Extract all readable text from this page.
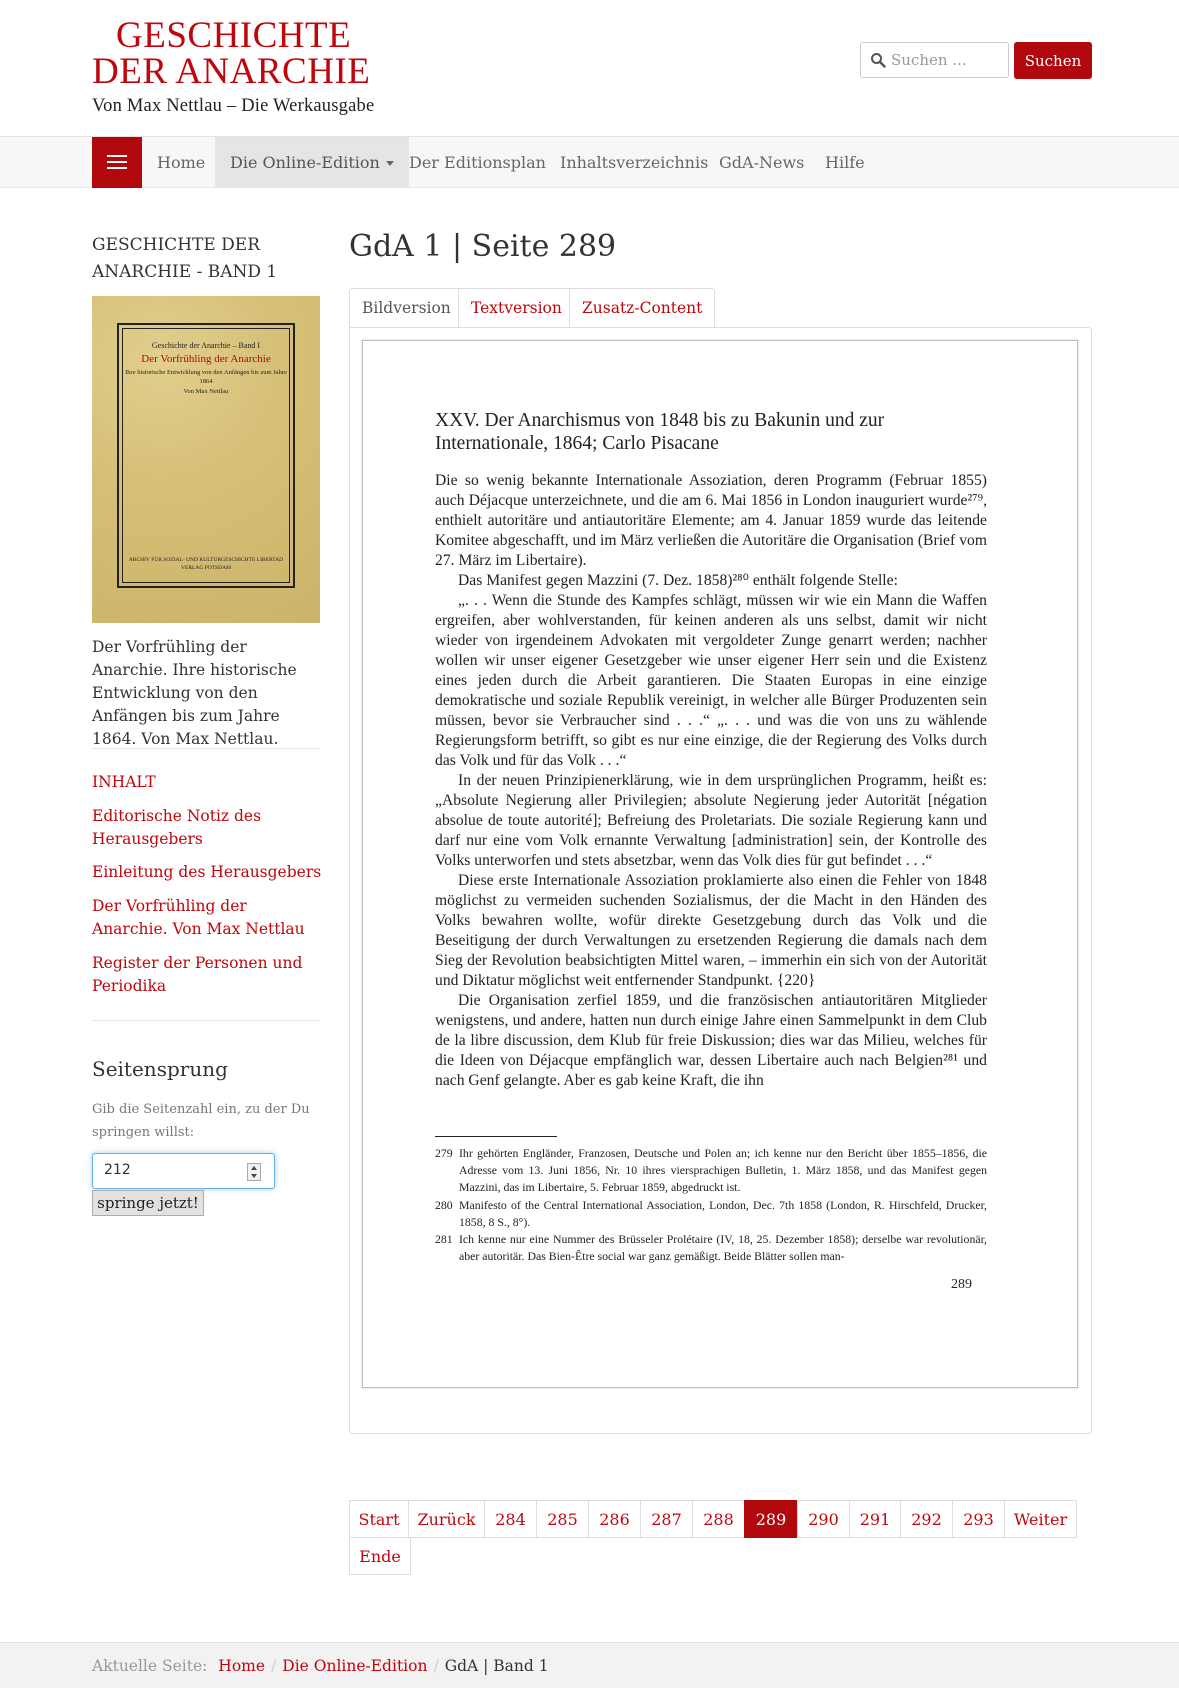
GESCHICHTE
DER ANARCHIE
Von Max Nettlau – Die Werkausgabe
Suchen ...
Suchen
Home	Die Online-Edition	Der Editionsplan Inhaltsverzeichnis GdA-News	Hilfe
GESCHICHTE DER ANARCHIE - BAND 1
Geschichte der Anarchie – Band I
Der Vorfrühling der Anarchie
Ihre historische Entwicklung von den Anfängen bis zum Jahre 1864
Von Max Nettlau
ARCHIV FÜR SOZIAL- UND KULTURGESCHICHTE LIBERTAD VERLAG POTSDAM
Der Vorfrühling der Anarchie. Ihre historische Entwicklung von den Anfängen bis zum Jahre 1864. Von Max Nettlau.
INHALT
Editorische Notiz des Herausgebers
Einleitung des Herausgebers
Der Vorfrühling der Anarchie. Von Max Nettlau
Register der Personen und Periodika
Seitensprung
Gib die Seitenzahl ein, zu der Du springen willst:
212
springe jetzt!
GdA 1 | Seite 289
Bildversion	Textversion	Zusatz-Content
XXV. Der Anarchismus von 1848 bis zu Bakunin und zur Internationale, 1864; Carlo Pisacane

Die so wenig bekannte Internationale Assoziation, deren Programm (Februar 1855) auch Déjacque unterzeichnete, und die am 6. Mai 1856 in London inauguriert wurde²⁷⁹, enthielt autoritäre und antiautoritäre Elemente; am 4. Januar 1859 wurde das leitende Komitee abgeschafft, und im März verließen die Autoritäre die Organisation (Brief vom 27. März im Libertaire).

Das Manifest gegen Mazzini (7. Dez. 1858)²⁸⁰ enthält folgende Stelle:

„. . . Wenn die Stunde des Kampfes schlägt, müssen wir wie ein Mann die Waffen ergreifen, aber wohlverstanden, für keinen anderen als uns selbst, damit wir nicht wieder von irgendeinem Advokaten mit vergoldeter Zunge genarrt werden; nachher wollen wir unser eigener Gesetzgeber wie unser eigener Herr sein und die Existenz eines jeden durch die Arbeit garantieren. Die Staaten Europas in eine einzige demokratische und soziale Republik vereinigt, in welcher alle Bürger Produzenten sein müssen, bevor sie Verbraucher sind . . .“ „. . . und was die von uns zu wählende Regierungsform betrifft, so gibt es nur eine einzige, die der Regierung des Volks durch das Volk und für das Volk . . .“

In der neuen Prinzipienerklärung, wie in dem ursprünglichen Programm, heißt es: „Absolute Negierung aller Privilegien; absolute Negierung jeder Autorität [négation absolue de toute autorité]; Befreiung des Proletariats. Die soziale Regierung kann und darf nur eine vom Volk ernannte Verwaltung [administration] sein, der Kontrolle des Volks unterworfen und stets absetzbar, wenn das Volk dies für gut befindet . . .“

Diese erste Internationale Assoziation proklamierte also einen die Fehler von 1848 möglichst zu vermeiden suchenden Sozialismus, der die Macht in den Händen des Volks bewahren wollte, wofür direkte Gesetzgebung durch das Volk und die Beseitigung der durch Verwaltungen zu ersetzenden Regierung die damals nach dem Sieg der Revolution beabsichtigten Mittel waren, – immerhin ein sich von der Autorität und Diktatur möglichst weit entfernender Standpunkt. {220}

Die Organisation zerfiel 1859, und die französischen antiautoritären Mitglieder wenigstens, und andere, hatten nun durch einige Jahre einen Sammelpunkt in dem Club de la libre discussion, dem Klub für freie Diskussion; dies war das Milieu, welches für die Ideen von Déjacque empfänglich war, dessen Libertaire auch nach Belgien²⁸¹ und nach Genf gelangte. Aber es gab keine Kraft, die ihn

279 Ihr gehörten Engländer, Franzosen, Deutsche und Polen an; ich kenne nur den Bericht über 1855–1856, die Adresse vom 13. Juni 1856, Nr. 10 ihres viersprachigen Bulletin, 1. März 1858, und das Manifest gegen Mazzini, das im Libertaire, 5. Februar 1859, abgedruckt ist.
280 Manifesto of the Central International Association, London, Dec. 7th 1858 (London, R. Hirschfeld, Drucker, 1858, 8 S., 8°).
281 Ich kenne nur eine Nummer des Brüsseler Prolétaire (IV, 18, 25. Dezember 1858); derselbe war revolutionär, aber autoritär. Das Bien-Être social war ganz gemäßigt. Beide Blätter sollen man-
289
Start	Zurück	284	285	286	287	288	289	290	291	292	293	Weiter
Ende
Aktuelle Seite: Home / Die Online-Edition / GdA | Band 1
